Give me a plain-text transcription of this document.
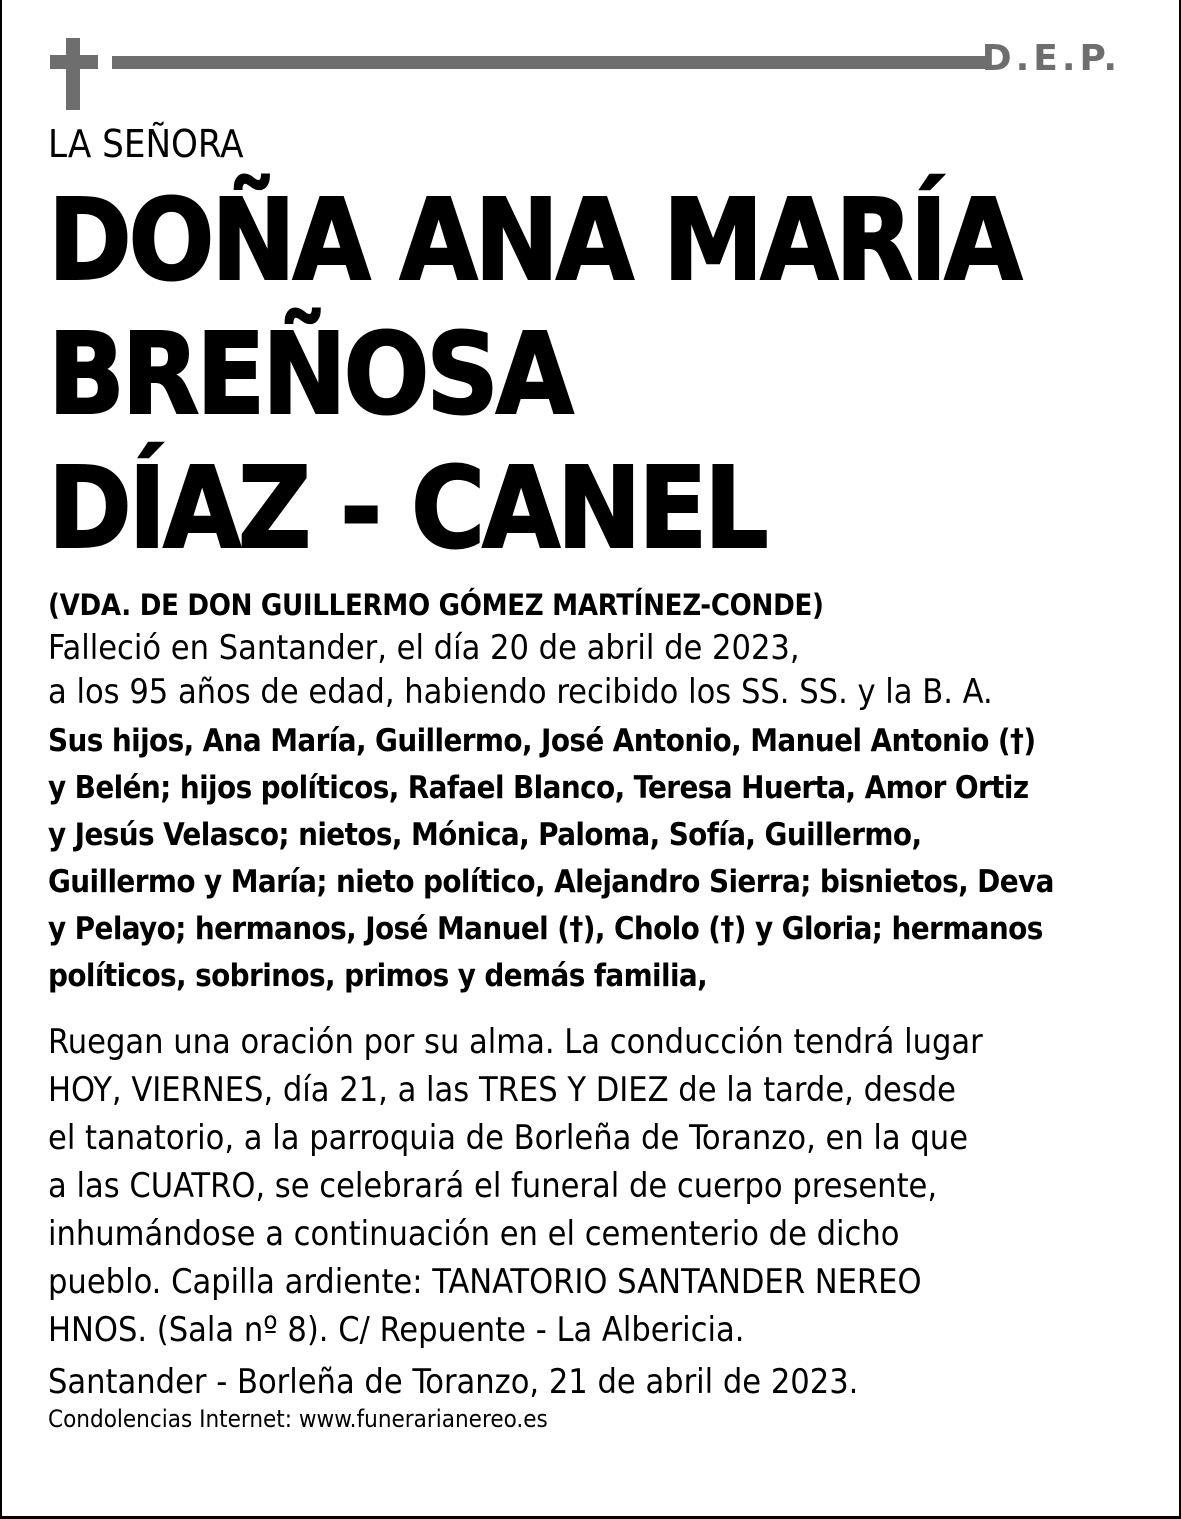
D.E.P.
LA SEÑORA
DOÑA ANA MARÍA
BREÑOSA
DÍAZ - CANEL
(VDA. DE DON GUILLERMO GÓMEZ MARTÍNEZ-CONDE)
Falleció en Santander, el día 20 de abril de 2023,
a los 95 años de edad, habiendo recibido los SS. SS. y la B. A.
Sus hijos, Ana María, Guillermo, José Antonio, Manuel Antonio (†)
y Belén; hijos políticos, Rafael Blanco, Teresa Huerta, Amor Ortiz
y Jesús Velasco; nietos, Mónica, Paloma, Sofía, Guillermo,
Guillermo y María; nieto político, Alejandro Sierra; bisnietos, Deva
y Pelayo; hermanos, José Manuel (†), Cholo (†) y Gloria; hermanos
políticos, sobrinos, primos y demás familia,
Ruegan una oración por su alma. La conducción tendrá lugar
HOY, VIERNES, día 21, a las TRES Y DIEZ de la tarde, desde
el tanatorio, a la parroquia de Borleña de Toranzo, en la que
a las CUATRO, se celebrará el funeral de cuerpo presente,
inhumándose a continuación en el cementerio de dicho
pueblo. Capilla ardiente: TANATORIO SANTANDER NEREO
HNOS. (Sala nº 8). C/ Repuente - La Albericia.
Santander - Borleña de Toranzo, 21 de abril de 2023.
Condolencias Internet: www.funerarianereo.es
